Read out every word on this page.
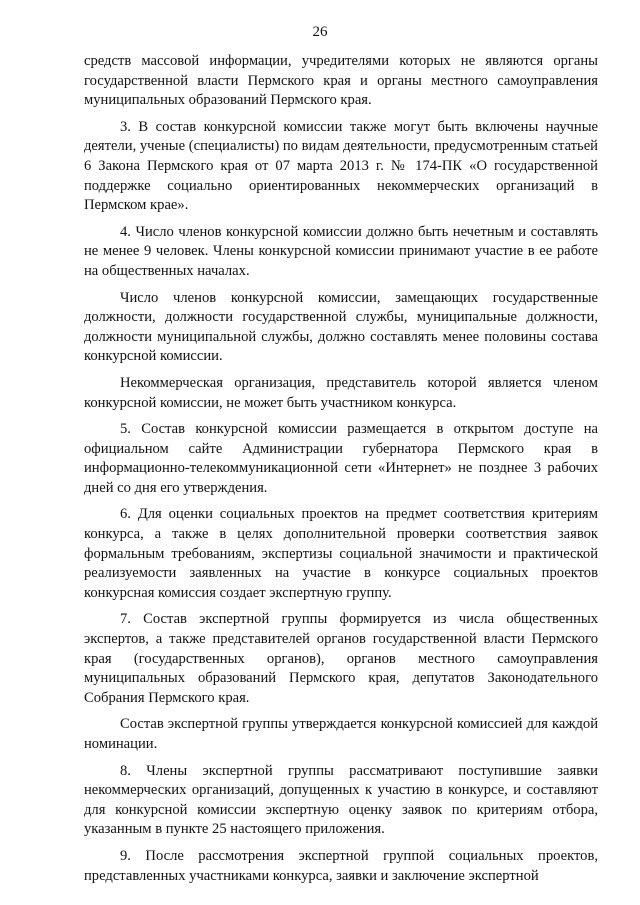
26

средств массовой информации, учредителями которых не являются органы государственной власти Пермского края и органы местного самоуправления муниципальных образований Пермского края.

3. В состав конкурсной комиссии также могут быть включены научные деятели, ученые (специалисты) по видам деятельности, предусмотренным статьей 6 Закона Пермского края от 07 марта 2013 г. № 174-ПК «О государственной поддержке социально ориентированных некоммерческих организаций в Пермском крае».

4. Число членов конкурсной комиссии должно быть нечетным и составлять не менее 9 человек. Члены конкурсной комиссии принимают участие в ее работе на общественных началах.

Число членов конкурсной комиссии, замещающих государственные должности, должности государственной службы, муниципальные должности, должности муниципальной службы, должно составлять менее половины состава конкурсной комиссии.

Некоммерческая организация, представитель которой является членом конкурсной комиссии, не может быть участником конкурса.

5. Состав конкурсной комиссии размещается в открытом доступе на официальном сайте Администрации губернатора Пермского края в информационно-телекоммуникационной сети «Интернет» не позднее 3 рабочих дней со дня его утверждения.

6. Для оценки социальных проектов на предмет соответствия критериям конкурса, а также в целях дополнительной проверки соответствия заявок формальным требованиям, экспертизы социальной значимости и практической реализуемости заявленных на участие в конкурсе социальных проектов конкурсная комиссия создает экспертную группу.

7. Состав экспертной группы формируется из числа общественных экспертов, а также представителей органов государственной власти Пермского края (государственных органов), органов местного самоуправления муниципальных образований Пермского края, депутатов Законодательного Собрания Пермского края.

Состав экспертной группы утверждается конкурсной комиссией для каждой номинации.

8. Члены экспертной группы рассматривают поступившие заявки некоммерческих организаций, допущенных к участию в конкурсе, и составляют для конкурсной комиссии экспертную оценку заявок по критериям отбора, указанным в пункте 25 настоящего приложения.

9. После рассмотрения экспертной группой социальных проектов, представленных участниками конкурса, заявки и заключение экспертной
